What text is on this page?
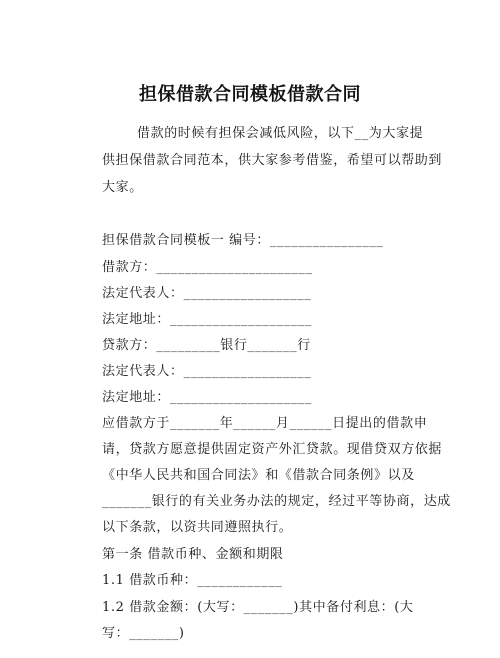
担保借款合同模板借款合同
借款的时候有担保会减低风险，以下__为大家提
供担保借款合同范本，供大家参考借鉴，希望可以帮助到
大家。
担保借款合同模板一 编号：________________
借款方：______________________
法定代表人：__________________
法定地址：____________________
贷款方：_________银行_______行
法定代表人：__________________
法定地址：____________________
应借款方于_______年______月______日提出的借款申
请，贷款方愿意提供固定资产外汇贷款。现借贷双方依据
《中华人民共和国合同法》和《借款合同条例》以及
_______银行的有关业务办法的规定，经过平等协商，达成
以下条款，以资共同遵照执行。
第一条 借款币种、金额和期限
1.1 借款币种：____________
1.2 借款金额：(大写：_______)其中备付利息：(大
写：_______)
